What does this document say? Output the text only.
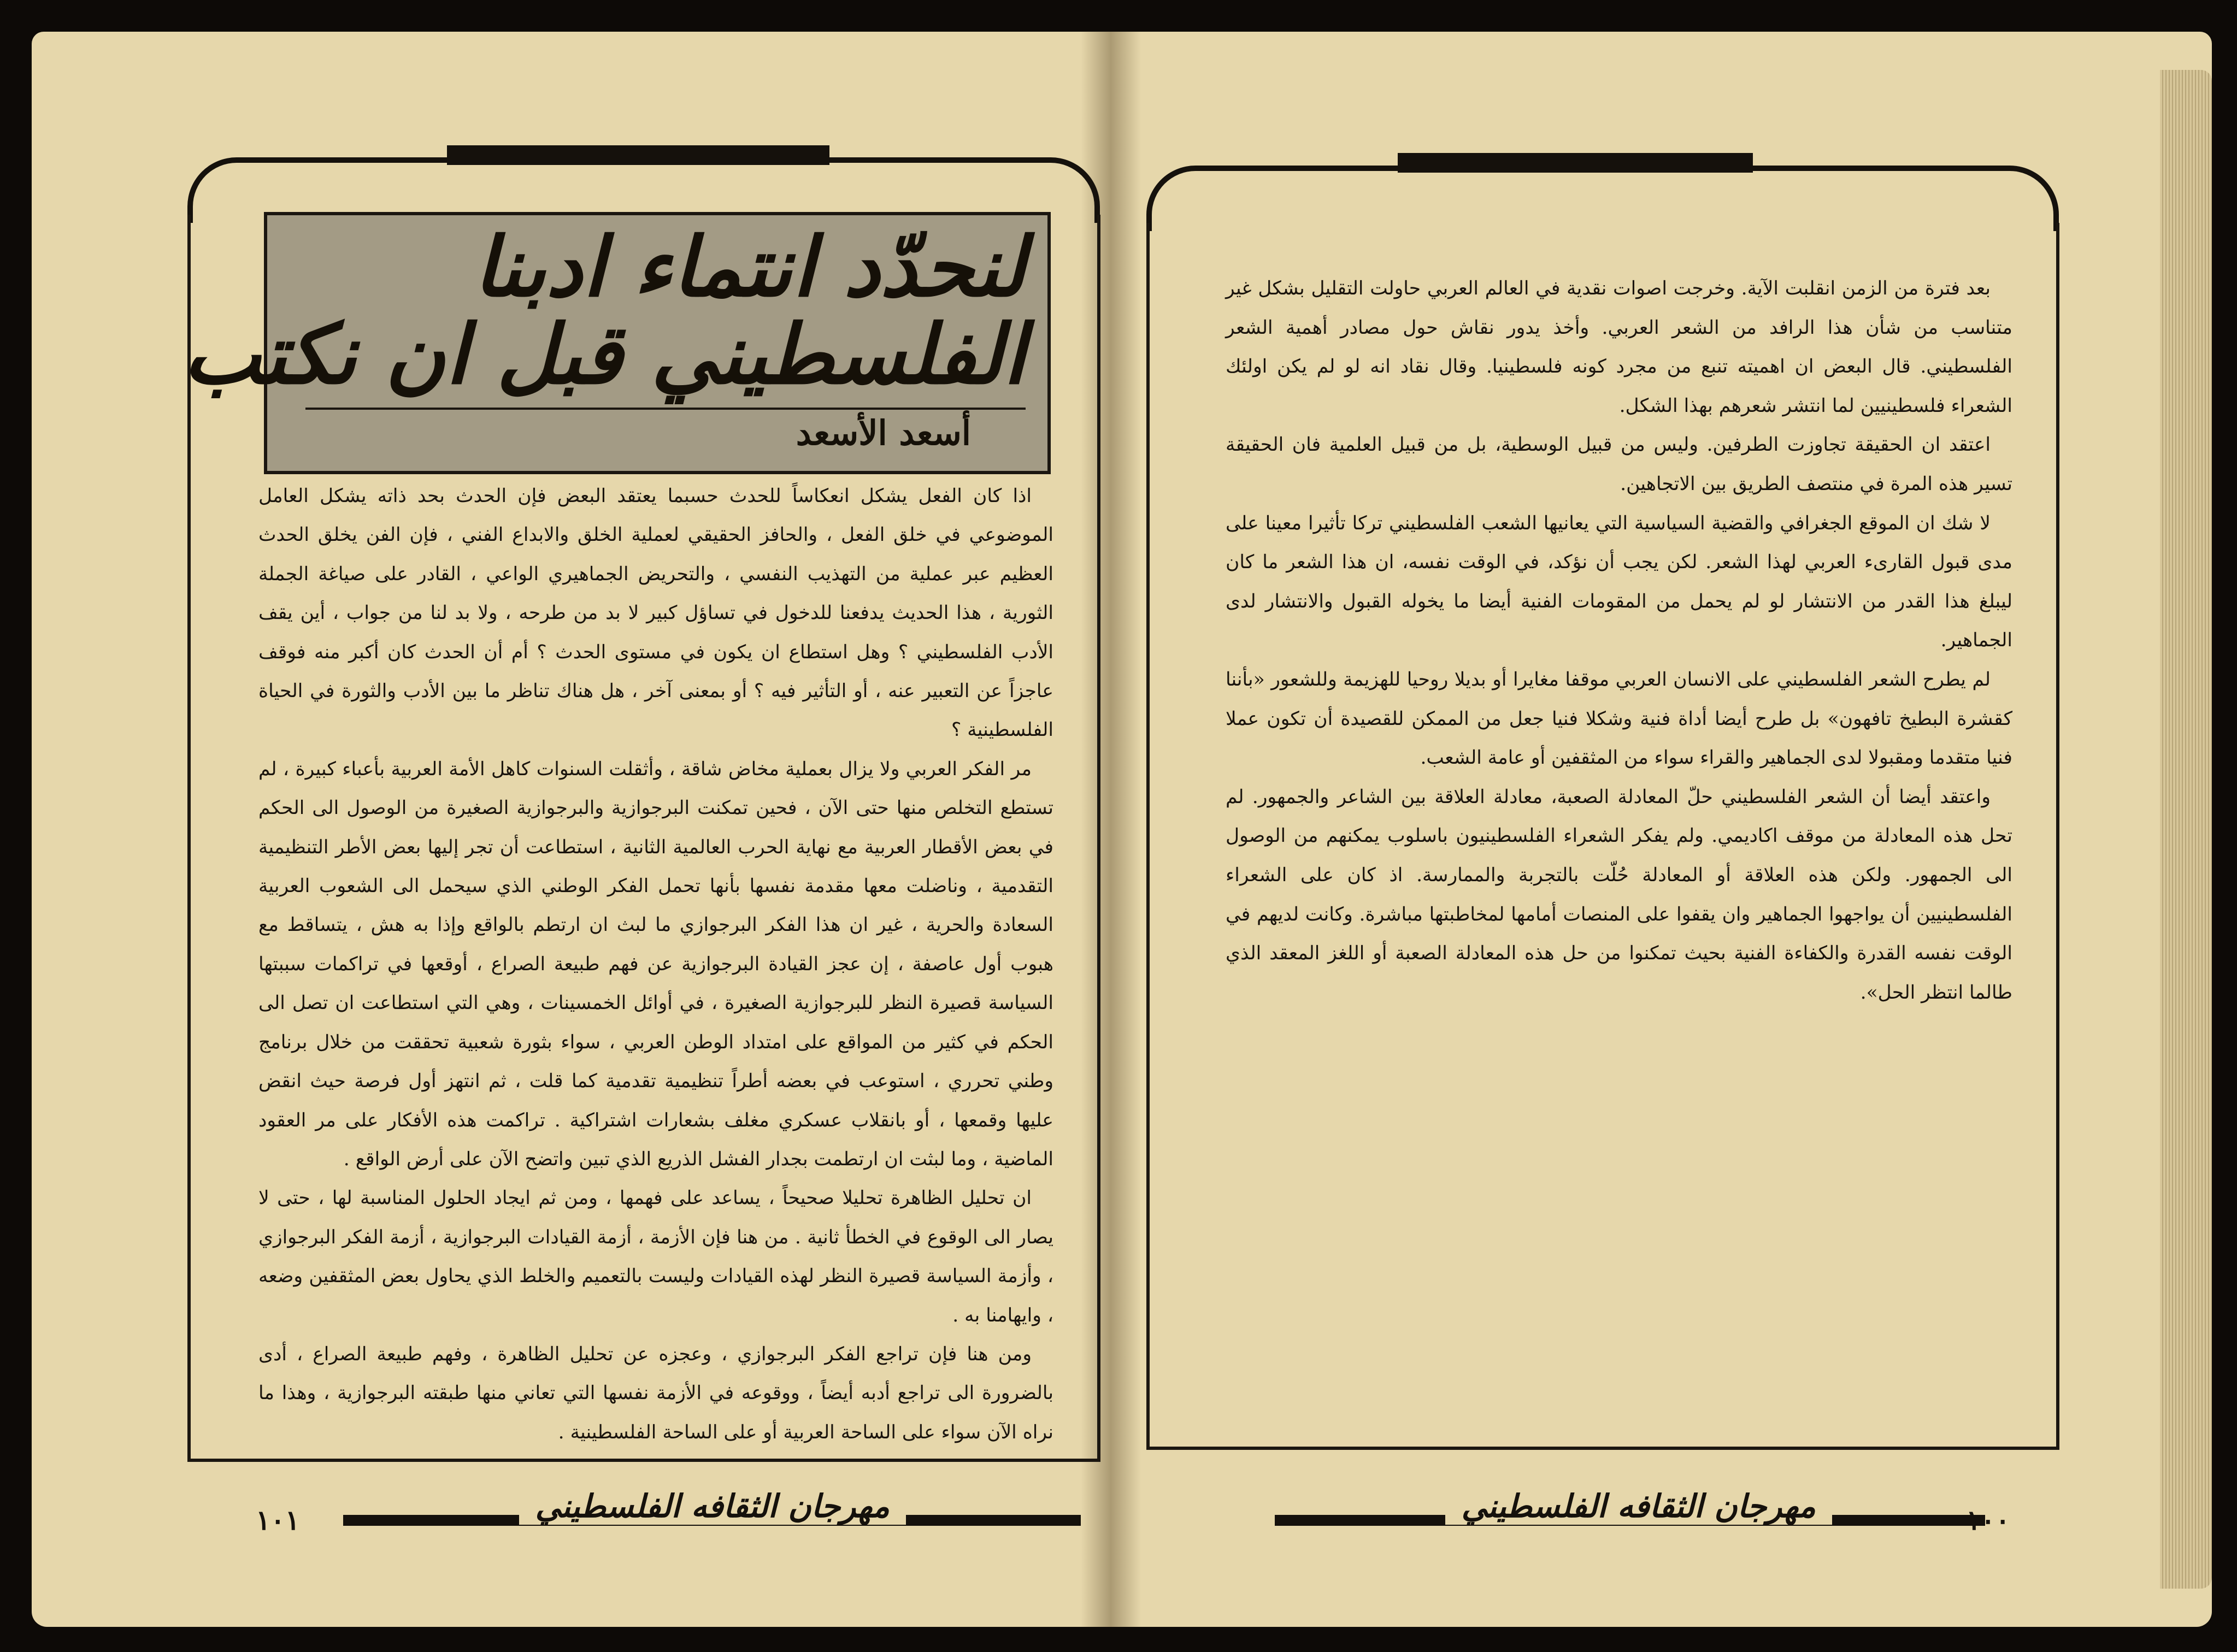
لنحدّد انتماء ادبنا
الفلسطيني قبل ان نكتب
أسعد الأسعد

اذا كان الفعل يشكل انعكاساً للحدث حسبما يعتقد البعض فإن الحدث بحد ذاته يشكل العامل الموضوعي في خلق الفعل ، والحافز الحقيقي لعملية الخلق والابداع الفني ، فإن الفن يخلق الحدث العظيم عبر عملية من التهذيب النفسي ، والتحريض الجماهيري الواعي ، القادر على صياغة الجملة الثورية ، هذا الحديث يدفعنا للدخول في تساؤل كبير لا بد من طرحه ، ولا بد لنا من جواب ، أين يقف الأدب الفلسطيني ؟ وهل استطاع ان يكون في مستوى الحدث ؟ أم أن الحدث كان أكبر منه فوقف عاجزاً عن التعبير عنه ، أو التأثير فيه ؟ أو بمعنى آخر ، هل هناك تناظر ما بين الأدب والثورة في الحياة الفلسطينية ؟

مر الفكر العربي ولا يزال بعملية مخاض شاقة ، وأثقلت السنوات كاهل الأمة العربية بأعباء كبيرة ، لم تستطع التخلص منها حتى الآن ، فحين تمكنت البرجوازية والبرجوازية الصغيرة من الوصول الى الحكم في بعض الأقطار العربية مع نهاية الحرب العالمية الثانية ، استطاعت أن تجر إليها بعض الأطر التنظيمية التقدمية ، وناضلت معها مقدمة نفسها بأنها تحمل الفكر الوطني الذي سيحمل الى الشعوب العربية السعادة والحرية ، غير ان هذا الفكر البرجوازي ما لبث ان ارتطم بالواقع وإذا به هش ، يتساقط مع هبوب أول عاصفة ، إن عجز القيادة البرجوازية عن فهم طبيعة الصراع ، أوقعها في تراكمات سببتها السياسة قصيرة النظر للبرجوازية الصغيرة ، في أوائل الخمسينات ، وهي التي استطاعت ان تصل الى الحكم في كثير من المواقع على امتداد الوطن العربي ، سواء بثورة شعبية تحققت من خلال برنامج وطني تحرري ، استوعب في بعضه أطراً تنظيمية تقدمية كما قلت ، ثم انتهز أول فرصة حيث انقض عليها وقمعها ، أو بانقلاب عسكري مغلف بشعارات اشتراكية . تراكمت هذه الأفكار على مر العقود الماضية ، وما لبثت ان ارتطمت بجدار الفشل الذريع الذي تبين واتضح الآن على أرض الواقع .

ان تحليل الظاهرة تحليلا صحيحاً ، يساعد على فهمها ، ومن ثم ايجاد الحلول المناسبة لها ، حتى لا يصار الى الوقوع في الخطأ ثانية . من هنا فإن الأزمة ، أزمة القيادات البرجوازية ، أزمة الفكر البرجوازي ، وأزمة السياسة قصيرة النظر لهذه القيادات وليست بالتعميم والخلط الذي يحاول بعض المثقفين وضعه ، وايهامنا به .

ومن هنا فإن تراجع الفكر البرجوازي ، وعجزه عن تحليل الظاهرة ، وفهم طبيعة الصراع ، أدى بالضرورة الى تراجع أدبه أيضاً ، ووقوعه في الأزمة نفسها التي تعاني منها طبقته البرجوازية ، وهذا ما نراه الآن سواء على الساحة العربية أو على الساحة الفلسطينية .

مهرجان الثقافه الفلسطيني
١٠١

بعد فترة من الزمن انقلبت الآية. وخرجت اصوات نقدية في العالم العربي حاولت التقليل بشكل غير متناسب من شأن هذا الرافد من الشعر العربي. وأخذ يدور نقاش حول مصادر أهمية الشعر الفلسطيني. قال البعض ان اهميته تنبع من مجرد كونه فلسطينيا. وقال نقاد انه لو لم يكن اولئك الشعراء فلسطينيين لما انتشر شعرهم بهذا الشكل.

اعتقد ان الحقيقة تجاوزت الطرفين. وليس من قبيل الوسطية، بل من قبيل العلمية فان الحقيقة تسير هذه المرة في منتصف الطريق بين الاتجاهين.

لا شك ان الموقع الجغرافي والقضية السياسية التي يعانيها الشعب الفلسطيني تركا تأثيرا معينا على مدى قبول القارىء العربي لهذا الشعر. لكن يجب أن نؤكد، في الوقت نفسه، ان هذا الشعر ما كان ليبلغ هذا القدر من الانتشار لو لم يحمل من المقومات الفنية أيضا ما يخوله القبول والانتشار لدى الجماهير.

لم يطرح الشعر الفلسطيني على الانسان العربي موقفا مغايرا أو بديلا روحيا للهزيمة وللشعور «بأننا كقشرة البطيخ تافهون» بل طرح أيضا أداة فنية وشكلا فنيا جعل من الممكن للقصيدة أن تكون عملا فنيا متقدما ومقبولا لدى الجماهير والقراء سواء من المثقفين أو عامة الشعب.

واعتقد أيضا أن الشعر الفلسطيني حلّ المعادلة الصعبة، معادلة العلاقة بين الشاعر والجمهور. لم تحل هذه المعادلة من موقف اكاديمي. ولم يفكر الشعراء الفلسطينيون باسلوب يمكنهم من الوصول الى الجمهور. ولكن هذه العلاقة أو المعادلة حُلّت بالتجربة والممارسة. اذ كان على الشعراء الفلسطينيين أن يواجهوا الجماهير وان يقفوا على المنصات أمامها لمخاطبتها مباشرة. وكانت لديهم في الوقت نفسه القدرة والكفاءة الفنية بحيث تمكنوا من حل هذه المعادلة الصعبة أو اللغز المعقد الذي طالما انتظر الحل».

مهرجان الثقافه الفلسطيني	١٠٠
